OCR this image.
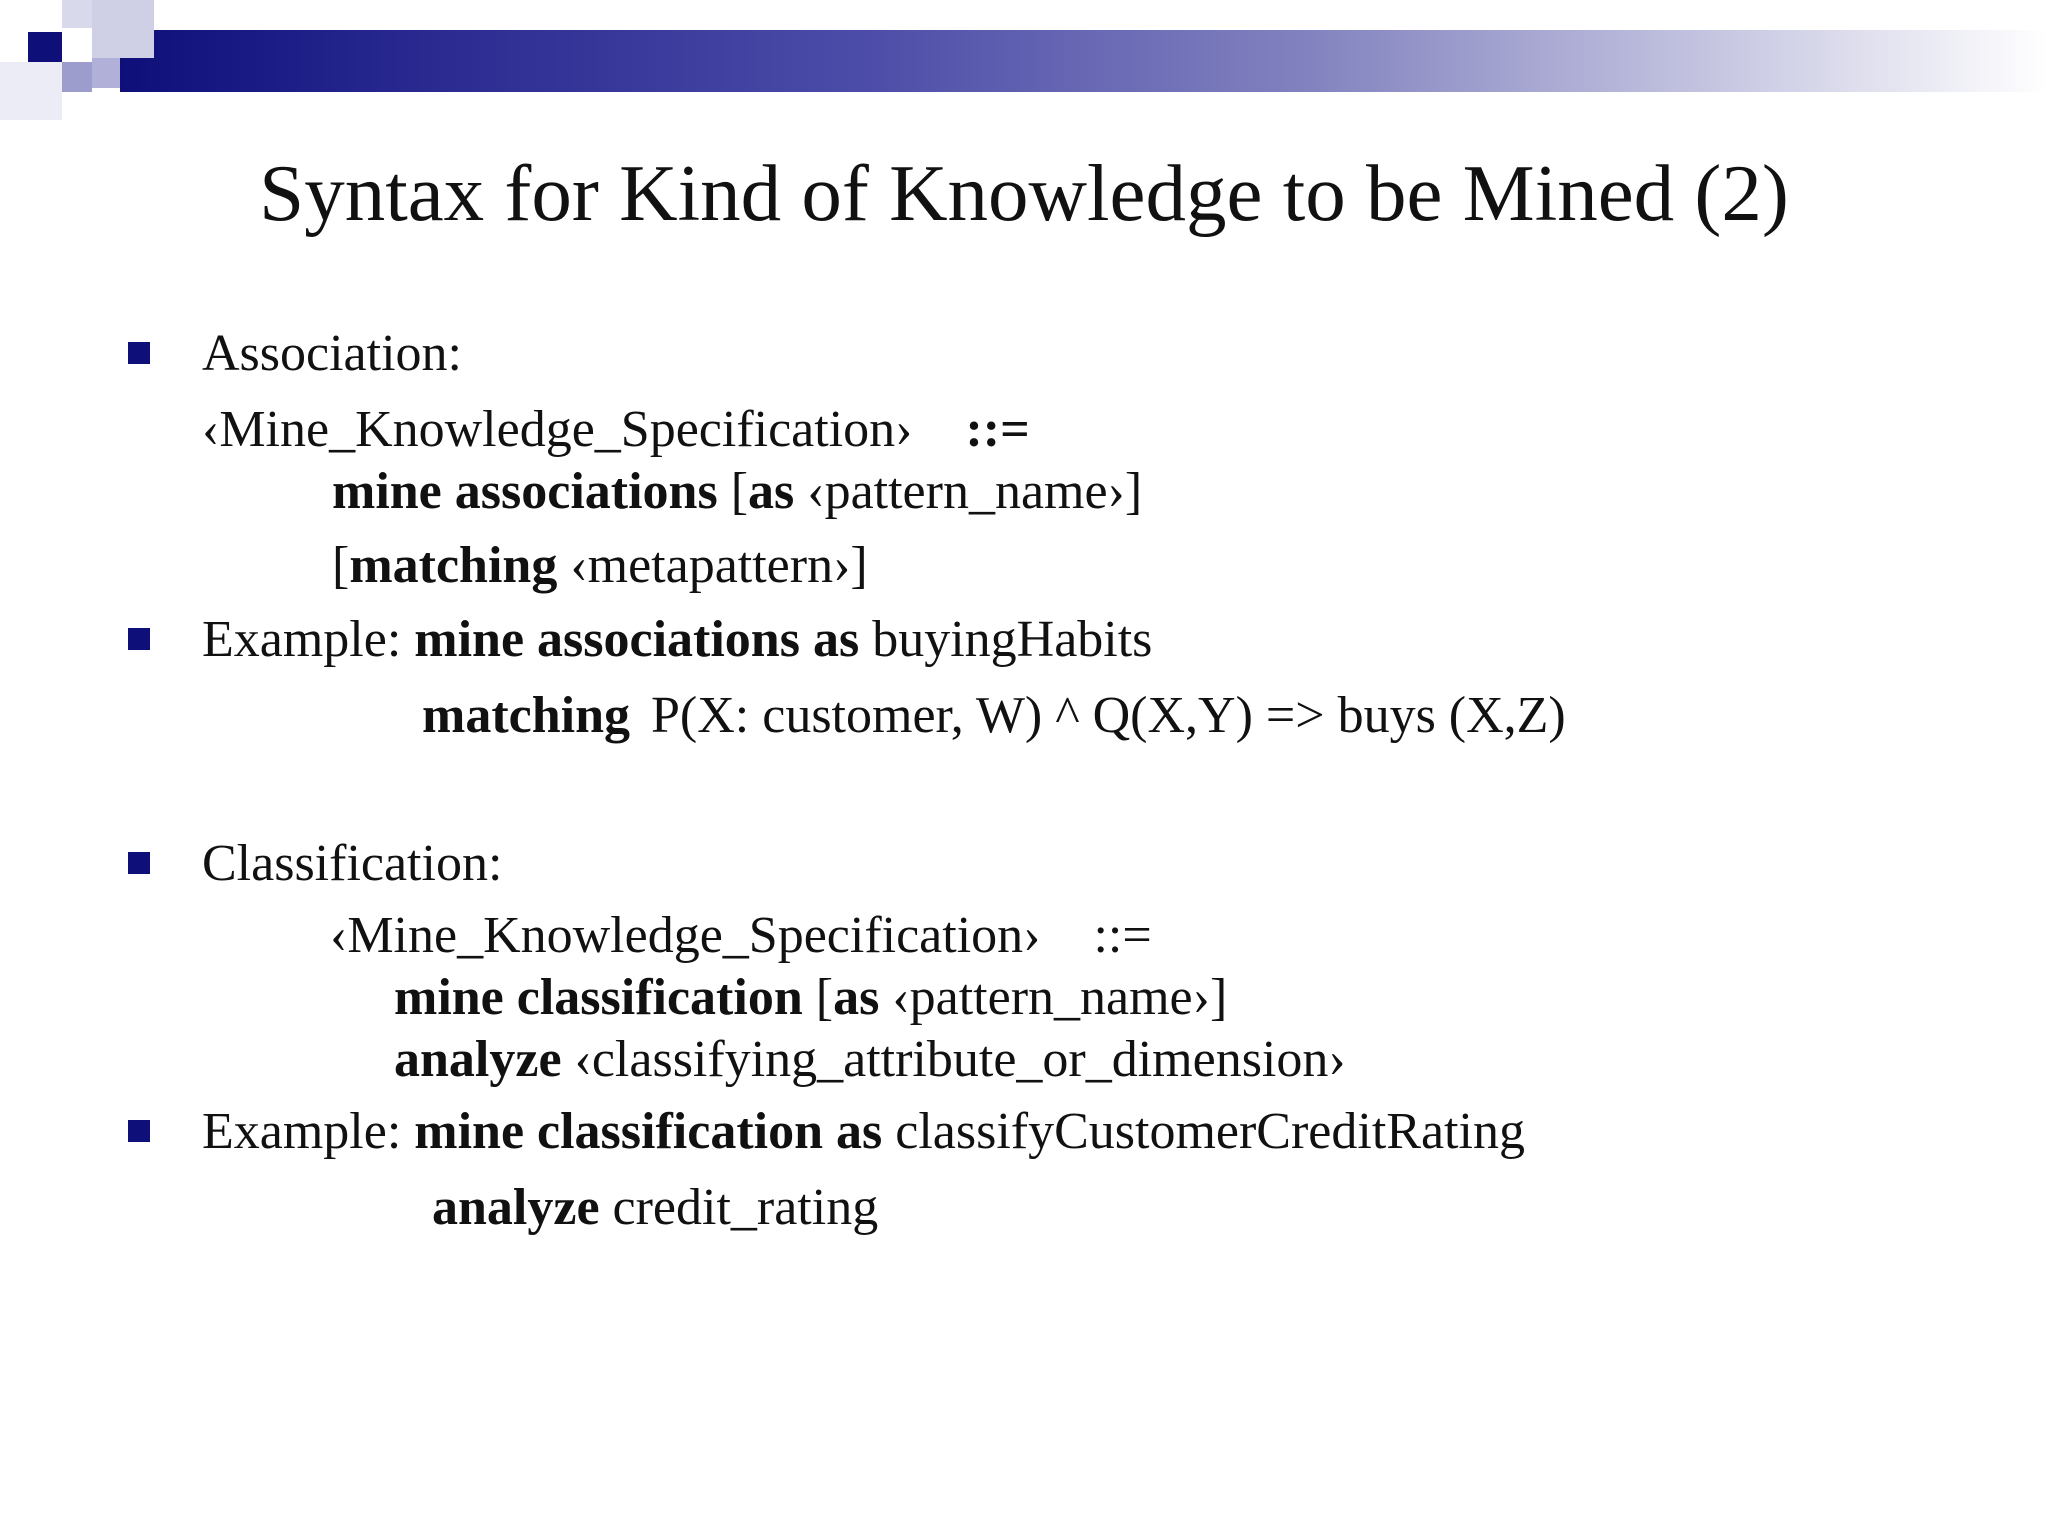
Syntax for Kind of Knowledge to be Mined (2)
Association:
‹Mine_Knowledge_Specification› ::=
mine associations [as ‹pattern_name›]
[matching ‹metapattern›]
Example: mine associations as buyingHabits
matching P(X: customer, W) ^ Q(X,Y) => buys (X,Z)
Classification:
‹Mine_Knowledge_Specification› ::=
mine classification [as ‹pattern_name›]
analyze ‹classifying_attribute_or_dimension›
Example: mine classification as classifyCustomerCreditRating
analyze credit_rating
